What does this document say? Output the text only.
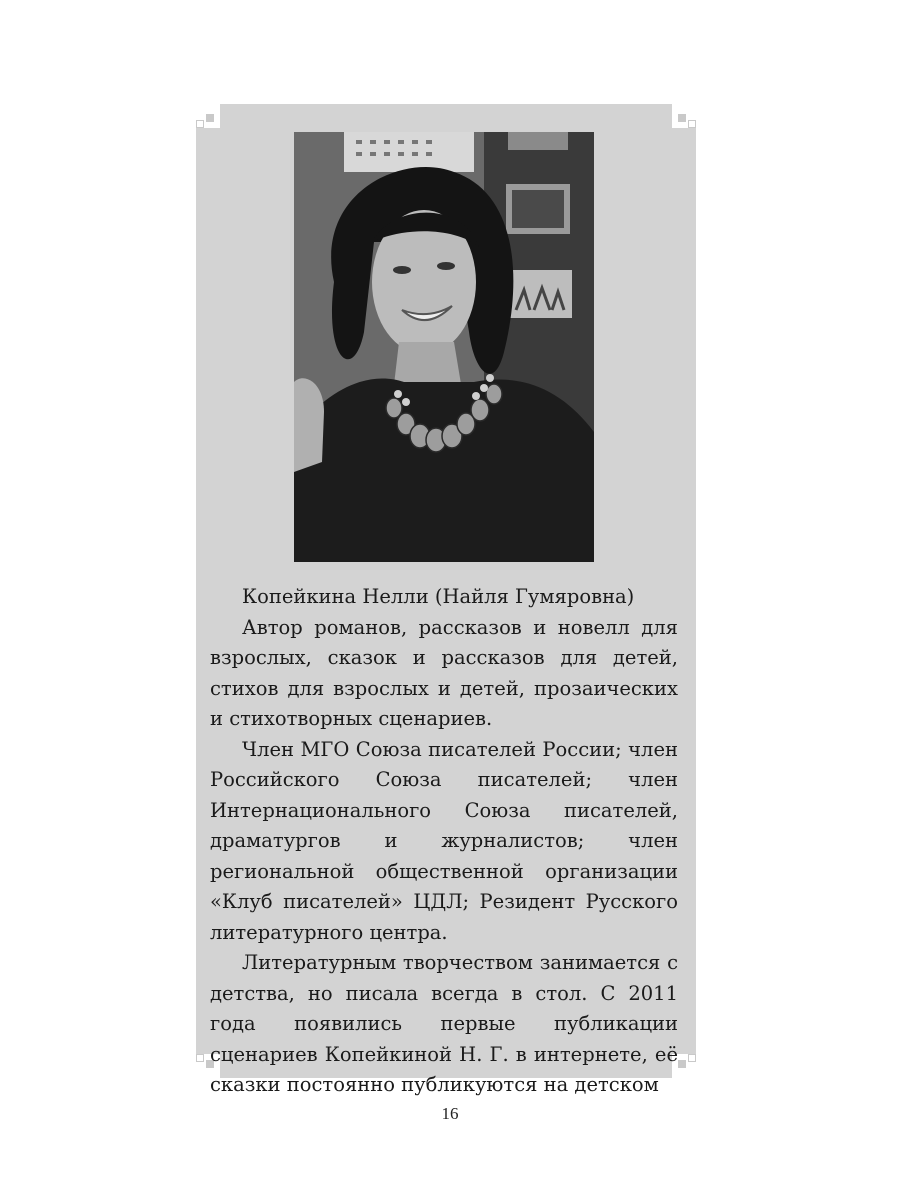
Копейкина Нелли (Найля Гумяровна)

Автор романов, рассказов и новелл для взрослых, сказок и рассказов для детей, стихов для взрослых и детей, прозаических и стихотворных сценариев.

Член МГО Союза писателей России; член Российского Союза писателей; член Интернационального Союза писателей, драматургов и журналистов; член региональной общественной организации «Клуб писателей» ЦДЛ; Резидент Русского литературного центра.

Литературным творчеством занимается с детства, но писала всегда в стол. С 2011 года появились первые публикации сценариев Копейкиной Н. Г. в интернете, её сказки постоянно публикуются на детском

16
